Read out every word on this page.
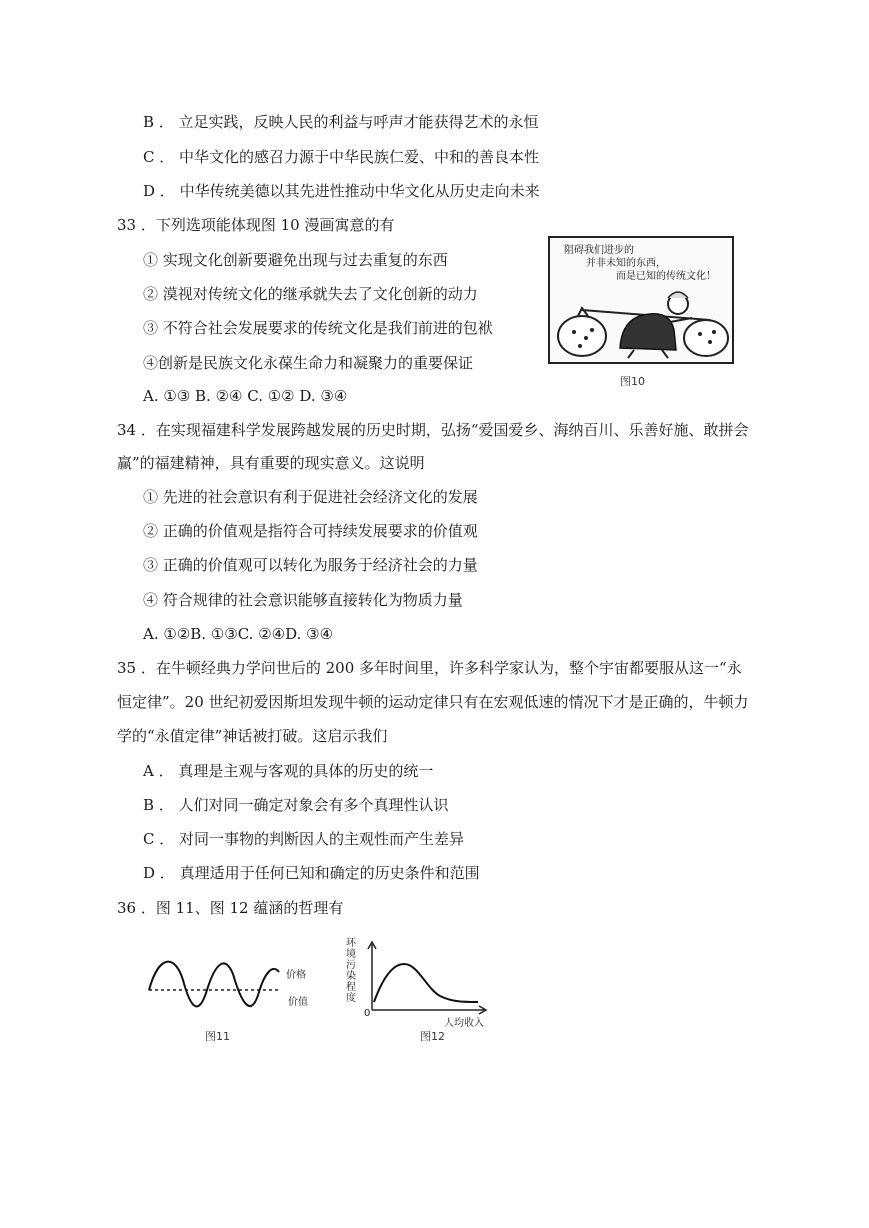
B ． 立足实践，反映人民的利益与呼声才能获得艺术的永恒
C ． 中华文化的感召力源于中华民族仁爱、中和的善良本性
D ． 中华传统美德以其先进性推动中华文化从历史走向未来
33 ．下列选项能体现图 10 漫画寓意的有
① 实现文化创新要避免出现与过去重复的东西
② 漠视对传统文化的继承就失去了文化创新的动力
③ 不符合社会发展要求的传统文化是我们前进的包袱
④创新是民族文化永葆生命力和凝聚力的重要保证
A. ①③ B. ②④ C. ①② D. ③④
阻碍我们进步的
并非未知的东西，
而是已知的传统文化！
图10
34 ．在实现福建科学发展跨越发展的历史时期，弘扬“爱国爱乡、海纳百川、乐善好施、敢拼会
赢”的福建精神，具有重要的现实意义。这说明
① 先进的社会意识有利于促进社会经济文化的发展
② 正确的价值观是指符合可持续发展要求的价值观
③ 正确的价值观可以转化为服务于经济社会的力量
④ 符合规律的社会意识能够直接转化为物质力量
A. ①②B. ①③C. ②④D. ③④
35 ．在牛顿经典力学问世后的 200 多年时间里，许多科学家认为，整个宇宙都要服从这一“永
恒定律”。20 世纪初爱因斯坦发现牛顿的运动定律只有在宏观低速的情况下才是正确的，牛顿力
学的“永值定律”神话被打破。这启示我们
A ． 真理是主观与客观的具体的历史的统一
B ． 人们对同一确定对象会有多个真理性认识
C ． 对同一事物的判断因人的主观性而产生差异
D ． 真理适用于任何已知和确定的历史条件和范围
36 ．图 11、图 12 蕴涵的哲理有
价格
价值
图11
环
境
污
染
程
度
0
人均收入
图12
